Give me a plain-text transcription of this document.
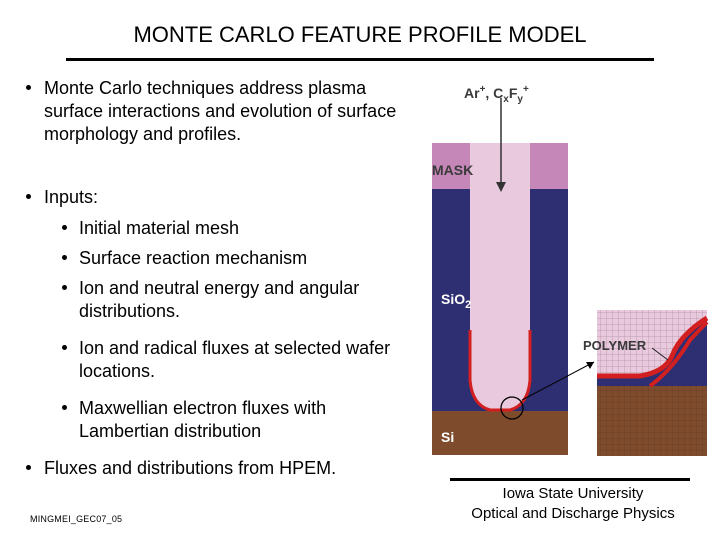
MONTE CARLO FEATURE PROFILE MODEL
Monte Carlo techniques address plasma surface interactions and evolution of surface morphology and profiles.
Inputs:
Initial material mesh
Surface reaction mechanism
Ion and neutral energy and angular distributions.
Ion and radical fluxes at selected wafer locations.
Maxwellian electron fluxes with Lambertian distribution
Fluxes and distributions from HPEM.
Ar+, $C_xF_y^+$
MASK
SiO$_2$
Si
POLYMER
MINGMEI_GEC07_05
Iowa State University
Optical and Discharge Physics
